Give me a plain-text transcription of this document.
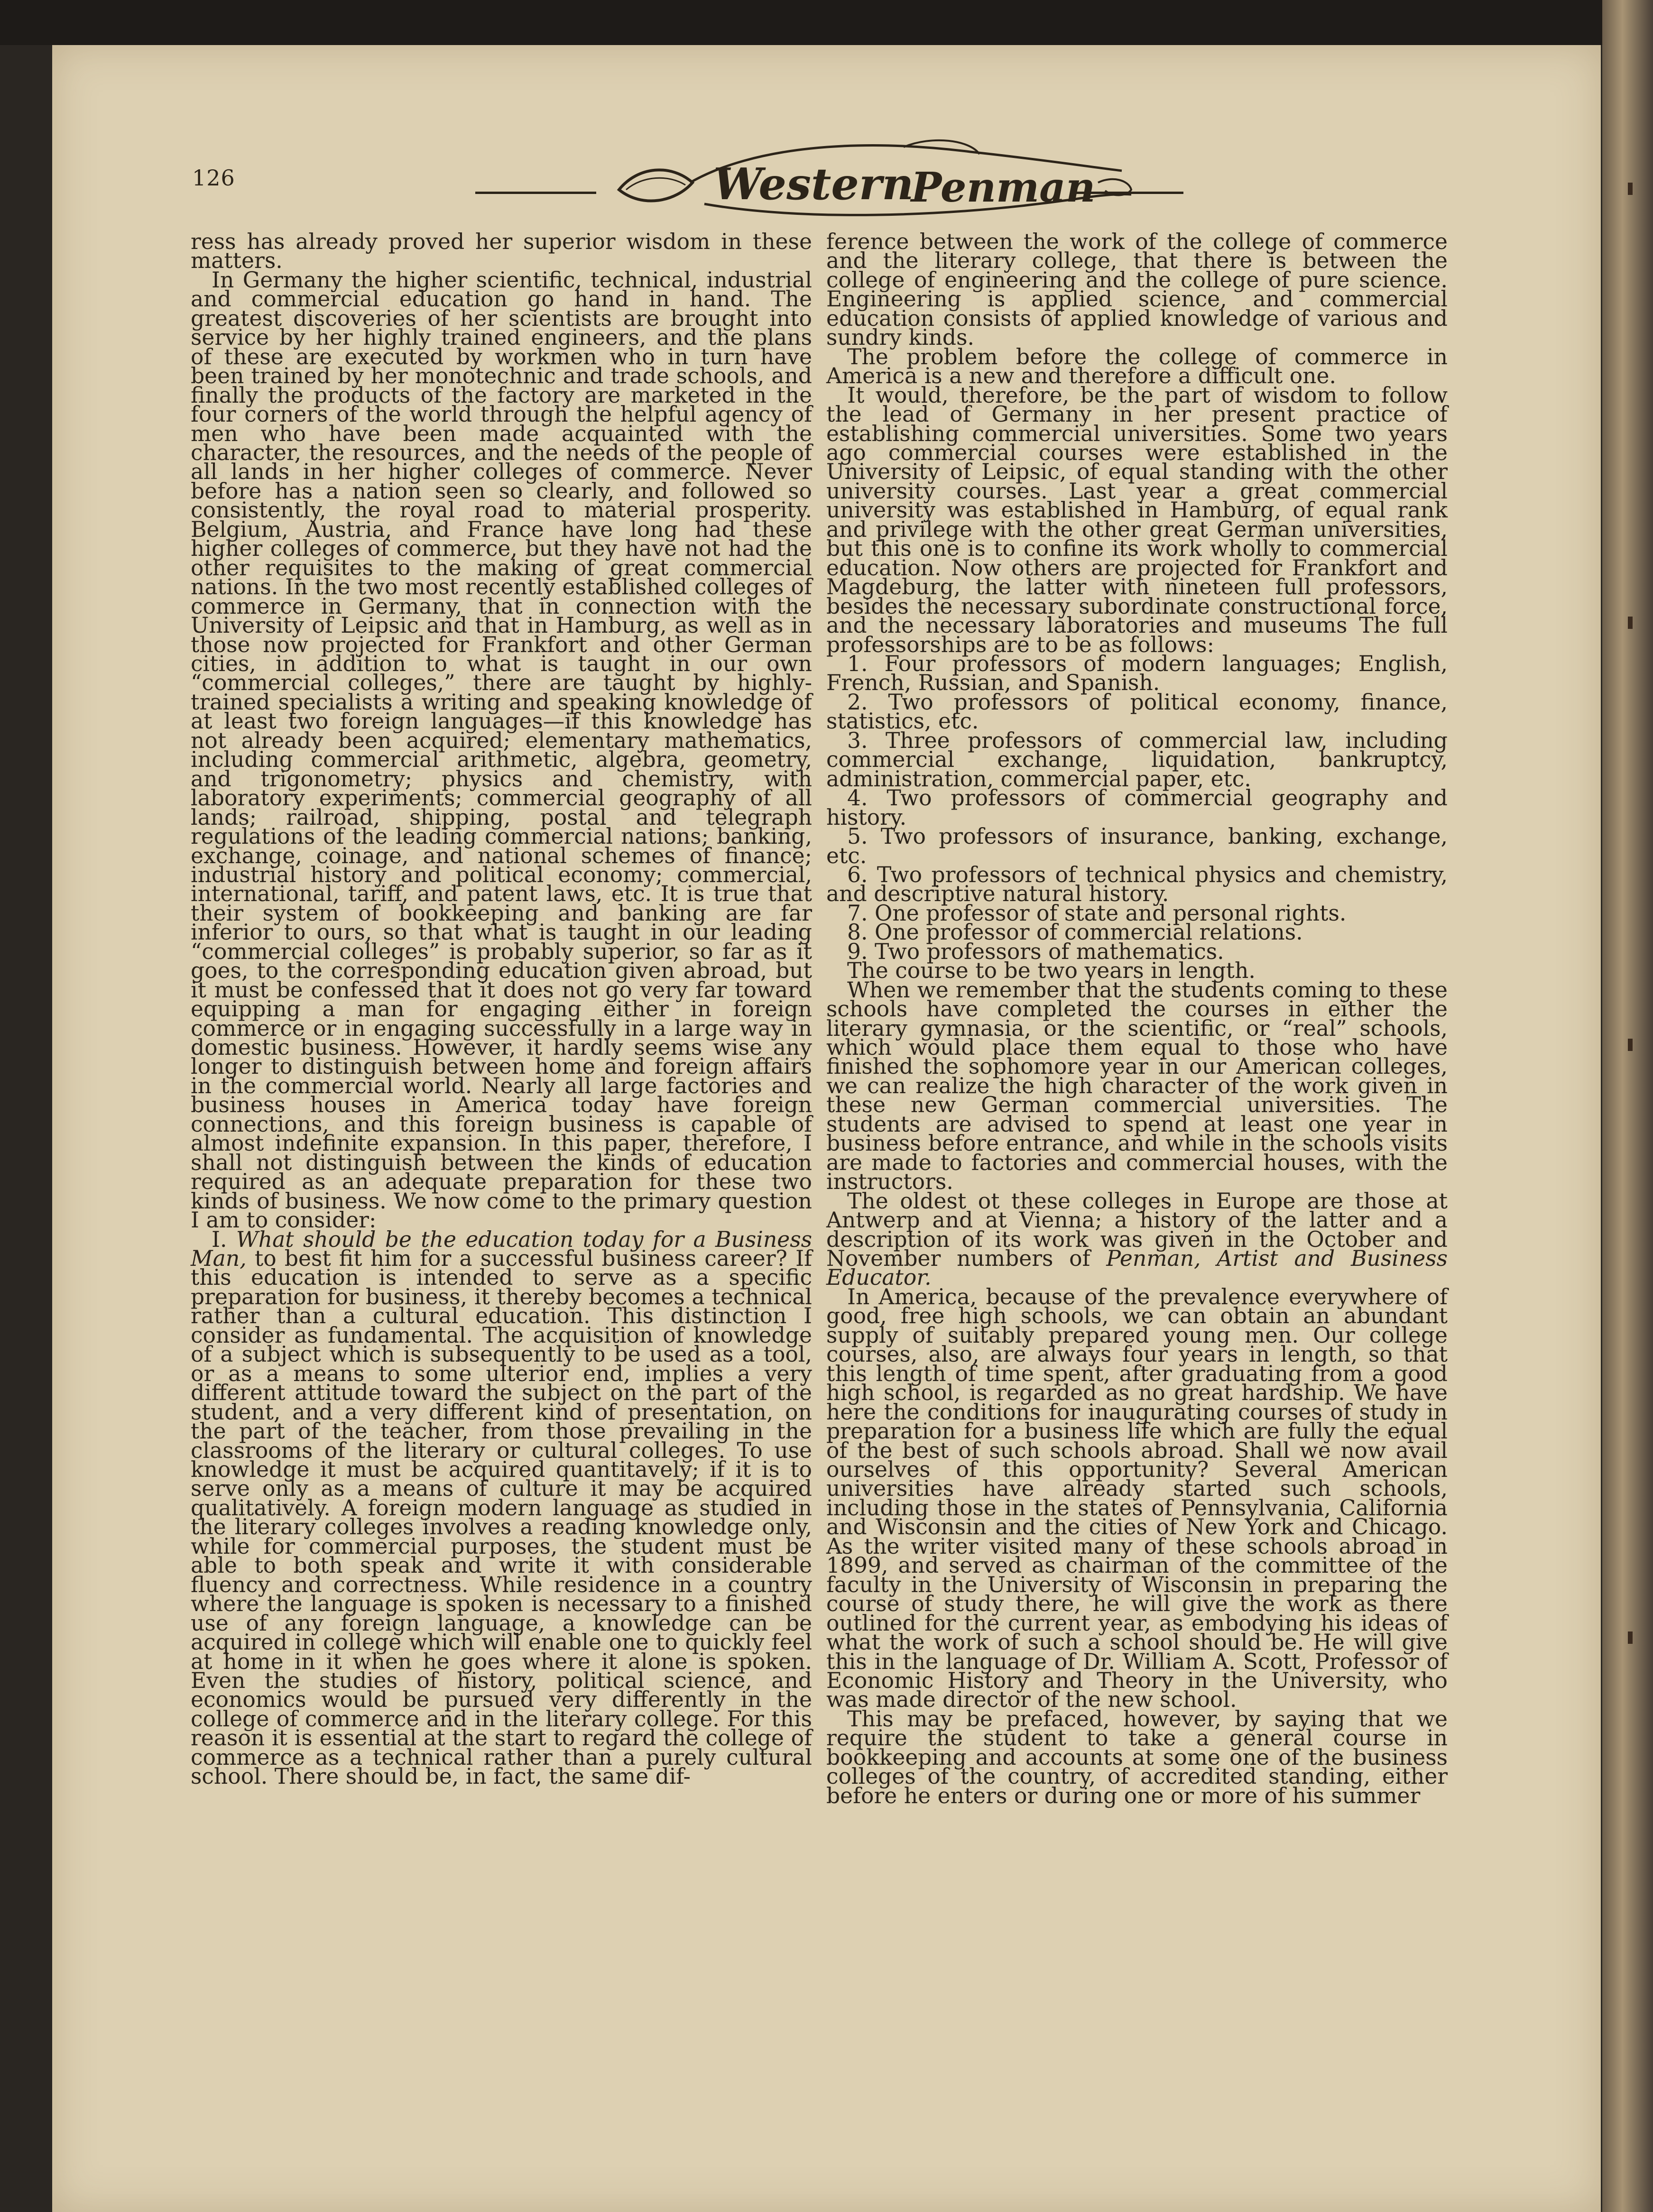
126	Western
Penman

ress has already proved her superior wisdom in these matters.

In Germany the higher scientific, technical, industrial and commercial education go hand in hand. The greatest discoveries of her scientists are brought into service by her highly trained engineers, and the plans of these are executed by workmen who in turn have been trained by her monotechnic and trade schools, and finally the products of the factory are marketed in the four corners of the world through the helpful agency of men who have been made acquainted with the character, the resources, and the needs of the people of all lands in her higher colleges of commerce. Never before has a nation seen so clearly, and followed so consistently, the royal road to material prosperity. Belgium, Austria, and France have long had these higher colleges of commerce, but they have not had the other requisites to the making of great commercial nations. In the two most recently established colleges of commerce in Germany, that in connection with the University of Leipsic and that in Hamburg, as well as in those now projected for Frankfort and other German cities, in addition to what is taught in our own “commercial colleges,” there are taught by highly-trained specialists a writing and speaking knowledge of at least two foreign languages—if this knowledge has not already been acquired; elementary mathematics, including commercial arithmetic, algebra, geometry, and trigonometry; physics and chemistry, with laboratory experiments; commercial geography of all lands; railroad, shipping, postal and telegraph regulations of the leading commercial nations; banking, exchange, coinage, and national schemes of finance; industrial history and political economy; commercial, international, tariff, and patent laws, etc. It is true that their system of bookkeeping and banking are far inferior to ours, so that what is taught in our leading “commercial colleges” is probably superior, so far as it goes, to the corresponding education given abroad, but it must be confessed that it does not go very far toward equipping a man for engaging either in foreign commerce or in engaging successfully in a large way in domestic business. However, it hardly seems wise any longer to distinguish between home and foreign affairs in the commercial world. Nearly all large factories and business houses in America today have foreign connections, and this foreign business is capable of almost indefinite expansion. In this paper, therefore, I shall not distinguish between the kinds of education required as an adequate preparation for these two kinds of business. We now come to the primary question I am to consider:

I. What should be the education today for a Business Man, to best fit him for a successful business career? If this education is intended to serve as a specific preparation for business, it thereby becomes a technical rather than a cultural education. This distinction I consider as fundamental. The acquisition of knowledge of a subject which is subsequently to be used as a tool, or as a means to some ulterior end, implies a very different attitude toward the subject on the part of the student, and a very different kind of presentation, on the part of the teacher, from those prevailing in the classrooms of the literary or cultural colleges. To use knowledge it must be acquired quantitavely; if it is to serve only as a means of culture it may be acquired qualitatively. A foreign modern language as studied in the literary colleges involves a reading knowledge only, while for commercial purposes, the student must be able to both speak and write it with considerable fluency and correctness. While residence in a country where the language is spoken is necessary to a finished use of any foreign language, a knowledge can be acquired in college which will enable one to quickly feel at home in it when he goes where it alone is spoken. Even the studies of history, political science, and economics would be pursued very differently in the college of commerce and in the literary college. For this reason it is essential at the start to regard the college of commerce as a technical rather than a purely cultural school. There should be, in fact, the same dif-

ference between the work of the college of commerce and the literary college, that there is between the college of engineering and the college of pure science. Engineering is applied science, and commercial education consists of applied knowledge of various and sundry kinds.

The problem before the college of commerce in America is a new and therefore a difficult one.

It would, therefore, be the part of wisdom to follow the lead of Germany in her present practice of establishing commercial universities. Some two years ago commercial courses were established in the University of Leipsic, of equal standing with the other university courses. Last year a great commercial university was established in Hamburg, of equal rank and privilege with the other great German universities, but this one is to confine its work wholly to commercial education. Now others are projected for Frankfort and Magdeburg, the latter with nineteen full professors, besides the necessary subordinate constructional force, and the necessary laboratories and museums The full professorships are to be as follows:

1. Four professors of modern languages; English, French, Russian, and Spanish.

2. Two professors of political economy, finance, statistics, etc.

3. Three professors of commercial law, including commercial exchange, liquidation, bankruptcy, administration, commercial paper, etc.

4. Two professors of commercial geography and history.

5. Two professors of insurance, banking, exchange, etc.

6. Two professors of technical physics and chemistry, and descriptive natural history.

7. One professor of state and personal rights.

8. One professor of commercial relations.

9. Two professors of mathematics.

The course to be two years in length.

When we remember that the students coming to these schools have completed the courses in either the literary gymnasia, or the scientific, or “real” schools, which would place them equal to those who have finished the sophomore year in our American colleges, we can realize the high character of the work given in these new German commercial universities. The students are advised to spend at least one year in business before entrance, and while in the schools visits are made to factories and commercial houses, with the instructors.

The oldest ot these colleges in Europe are those at Antwerp and at Vienna; a history of the latter and a description of its work was given in the October and November numbers of Penman, Artist and Business Educator.

In America, because of the prevalence everywhere of good, free high schools, we can obtain an abundant supply of suitably prepared young men. Our college courses, also, are always four years in length, so that this length of time spent, after graduating from a good high school, is regarded as no great hardship. We have here the conditions for inaugurating courses of study in preparation for a business life which are fully the equal of the best of such schools abroad. Shall we now avail ourselves of this opportunity? Several American universities have already started such schools, including those in the states of Pennsylvania, California and Wisconsin and the cities of New York and Chicago. As the writer visited many of these schools abroad in 1899, and served as chairman of the committee of the faculty in the University of Wisconsin in preparing the course of study there, he will give the work as there outlined for the current year, as embodying his ideas of what the work of such a school should be. He will give this in the language of Dr. William A. Scott, Professor of Economic History and Theory in the University, who was made director of the new school.

This may be prefaced, however, by saying that we require the student to take a general course in bookkeeping and accounts at some one of the business colleges of the country, of accredited standing, either before he enters or during one or more of his summer
